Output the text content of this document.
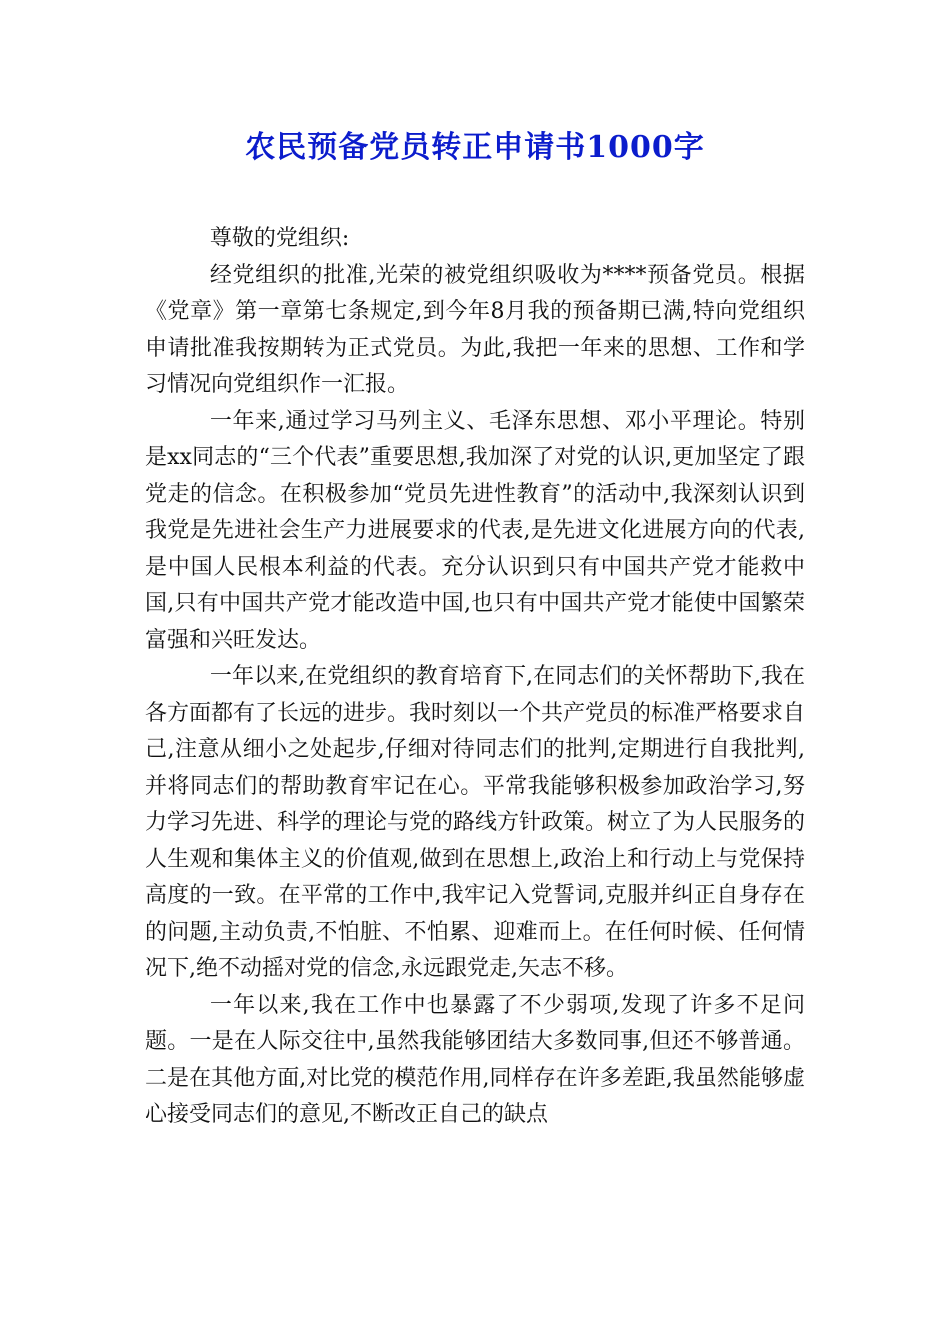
农民预备党员转正申请书1000字

尊敬的党组织:

经党组织的批准,光荣的被党组织吸收为****预备党员。根据《党章》第一章第七条规定,到今年8月我的预备期已满,特向党组织申请批准我按期转为正式党员。为此,我把一年来的思想、工作和学习情况向党组织作一汇报。

一年来,通过学习马列主义、毛泽东思想、邓小平理论。特别是xx同志的“三个代表”重要思想,我加深了对党的认识,更加坚定了跟党走的信念。在积极参加“党员先进性教育”的活动中,我深刻认识到我党是先进社会生产力进展要求的代表,是先进文化进展方向的代表,是中国人民根本利益的代表。充分认识到只有中国共产党才能救中国,只有中国共产党才能改造中国,也只有中国共产党才能使中国繁荣富强和兴旺发达。

一年以来,在党组织的教育培育下,在同志们的关怀帮助下,我在各方面都有了长远的进步。我时刻以一个共产党员的标准严格要求自己,注意从细小之处起步,仔细对待同志们的批判,定期进行自我批判,并将同志们的帮助教育牢记在心。平常我能够积极参加政治学习,努力学习先进、科学的理论与党的路线方针政策。树立了为人民服务的人生观和集体主义的价值观,做到在思想上,政治上和行动上与党保持高度的一致。在平常的工作中,我牢记入党誓词,克服并纠正自身存在的问题,主动负责,不怕脏、不怕累、迎难而上。在任何时候、任何情况下,绝不动摇对党的信念,永远跟党走,矢志不移。

一年以来,我在工作中也暴露了不少弱项,发现了许多不足问题。一是在人际交往中,虽然我能够团结大多数同事,但还不够普通。二是在其他方面,对比党的模范作用,同样存在许多差距,我虽然能够虚心接受同志们的意见,不断改正自己的缺点
